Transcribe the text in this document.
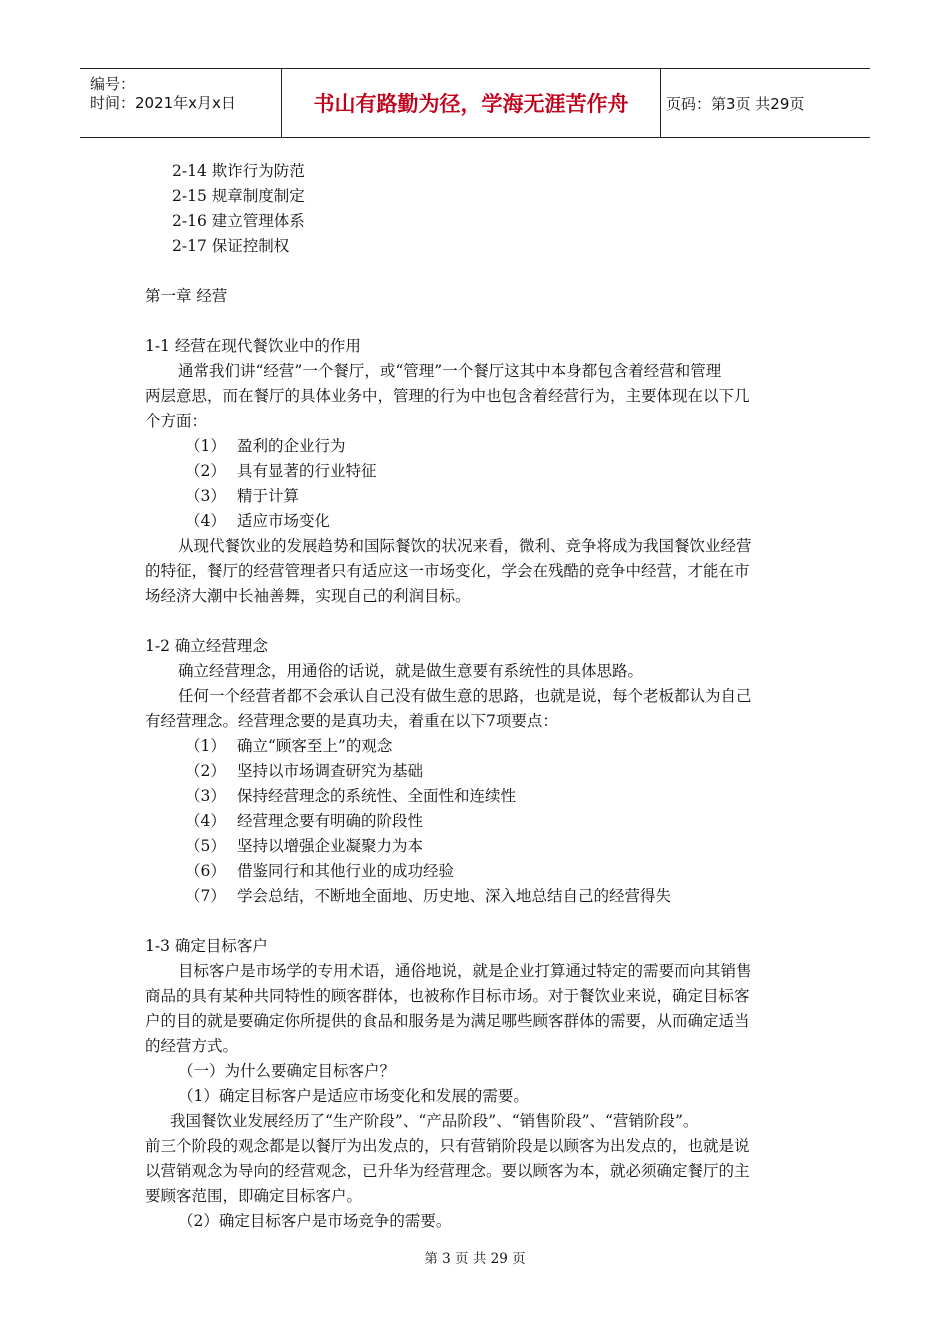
编号：
时间：2021年x月x日	书山有路勤为径，学海无涯苦作舟	页码：第3页 共29页
2-14 欺诈行为防范
2-15 规章制度制定
2-16 建立管理体系
2-17 保证控制权
第一章 经营
1-1 经营在现代餐饮业中的作用
通常我们讲“经营”一个餐厅，或“管理”一个餐厅这其中本身都包含着经营和管理
两层意思，而在餐厅的具体业务中，管理的行为中也包含着经营行为，主要体现在以下几
个方面：
（1） 盈利的企业行为
（2） 具有显著的行业特征
（3） 精于计算
（4） 适应市场变化
从现代餐饮业的发展趋势和国际餐饮的状况来看，微利、竞争将成为我国餐饮业经营
的特征，餐厅的经营管理者只有适应这一市场变化，学会在残酷的竞争中经营，才能在市
场经济大潮中长袖善舞，实现自己的利润目标。
1-2 确立经营理念
确立经营理念，用通俗的话说，就是做生意要有系统性的具体思路。
任何一个经营者都不会承认自己没有做生意的思路，也就是说，每个老板都认为自己
有经营理念。经营理念要的是真功夫，着重在以下7项要点：
（1） 确立“顾客至上”的观念
（2） 坚持以市场调查研究为基础
（3） 保持经营理念的系统性、全面性和连续性
（4） 经营理念要有明确的阶段性
（5） 坚持以增强企业凝聚力为本
（6） 借鉴同行和其他行业的成功经验
（7） 学会总结，不断地全面地、历史地、深入地总结自己的经营得失
1-3 确定目标客户
目标客户是市场学的专用术语，通俗地说，就是企业打算通过特定的需要而向其销售
商品的具有某种共同特性的顾客群体，也被称作目标市场。对于餐饮业来说，确定目标客
户的目的就是要确定你所提供的食品和服务是为满足哪些顾客群体的需要，从而确定适当
的经营方式。
（一）为什么要确定目标客户？
（1）确定目标客户是适应市场变化和发展的需要。
我国餐饮业发展经历了“生产阶段”、“产品阶段”、“销售阶段”、“营销阶段”。
前三个阶段的观念都是以餐厅为出发点的，只有营销阶段是以顾客为出发点的，也就是说
以营销观念为导向的经营观念，已升华为经营理念。要以顾客为本，就必须确定餐厅的主
要顾客范围，即确定目标客户。
（2）确定目标客户是市场竞争的需要。
第 3 页 共 29 页
